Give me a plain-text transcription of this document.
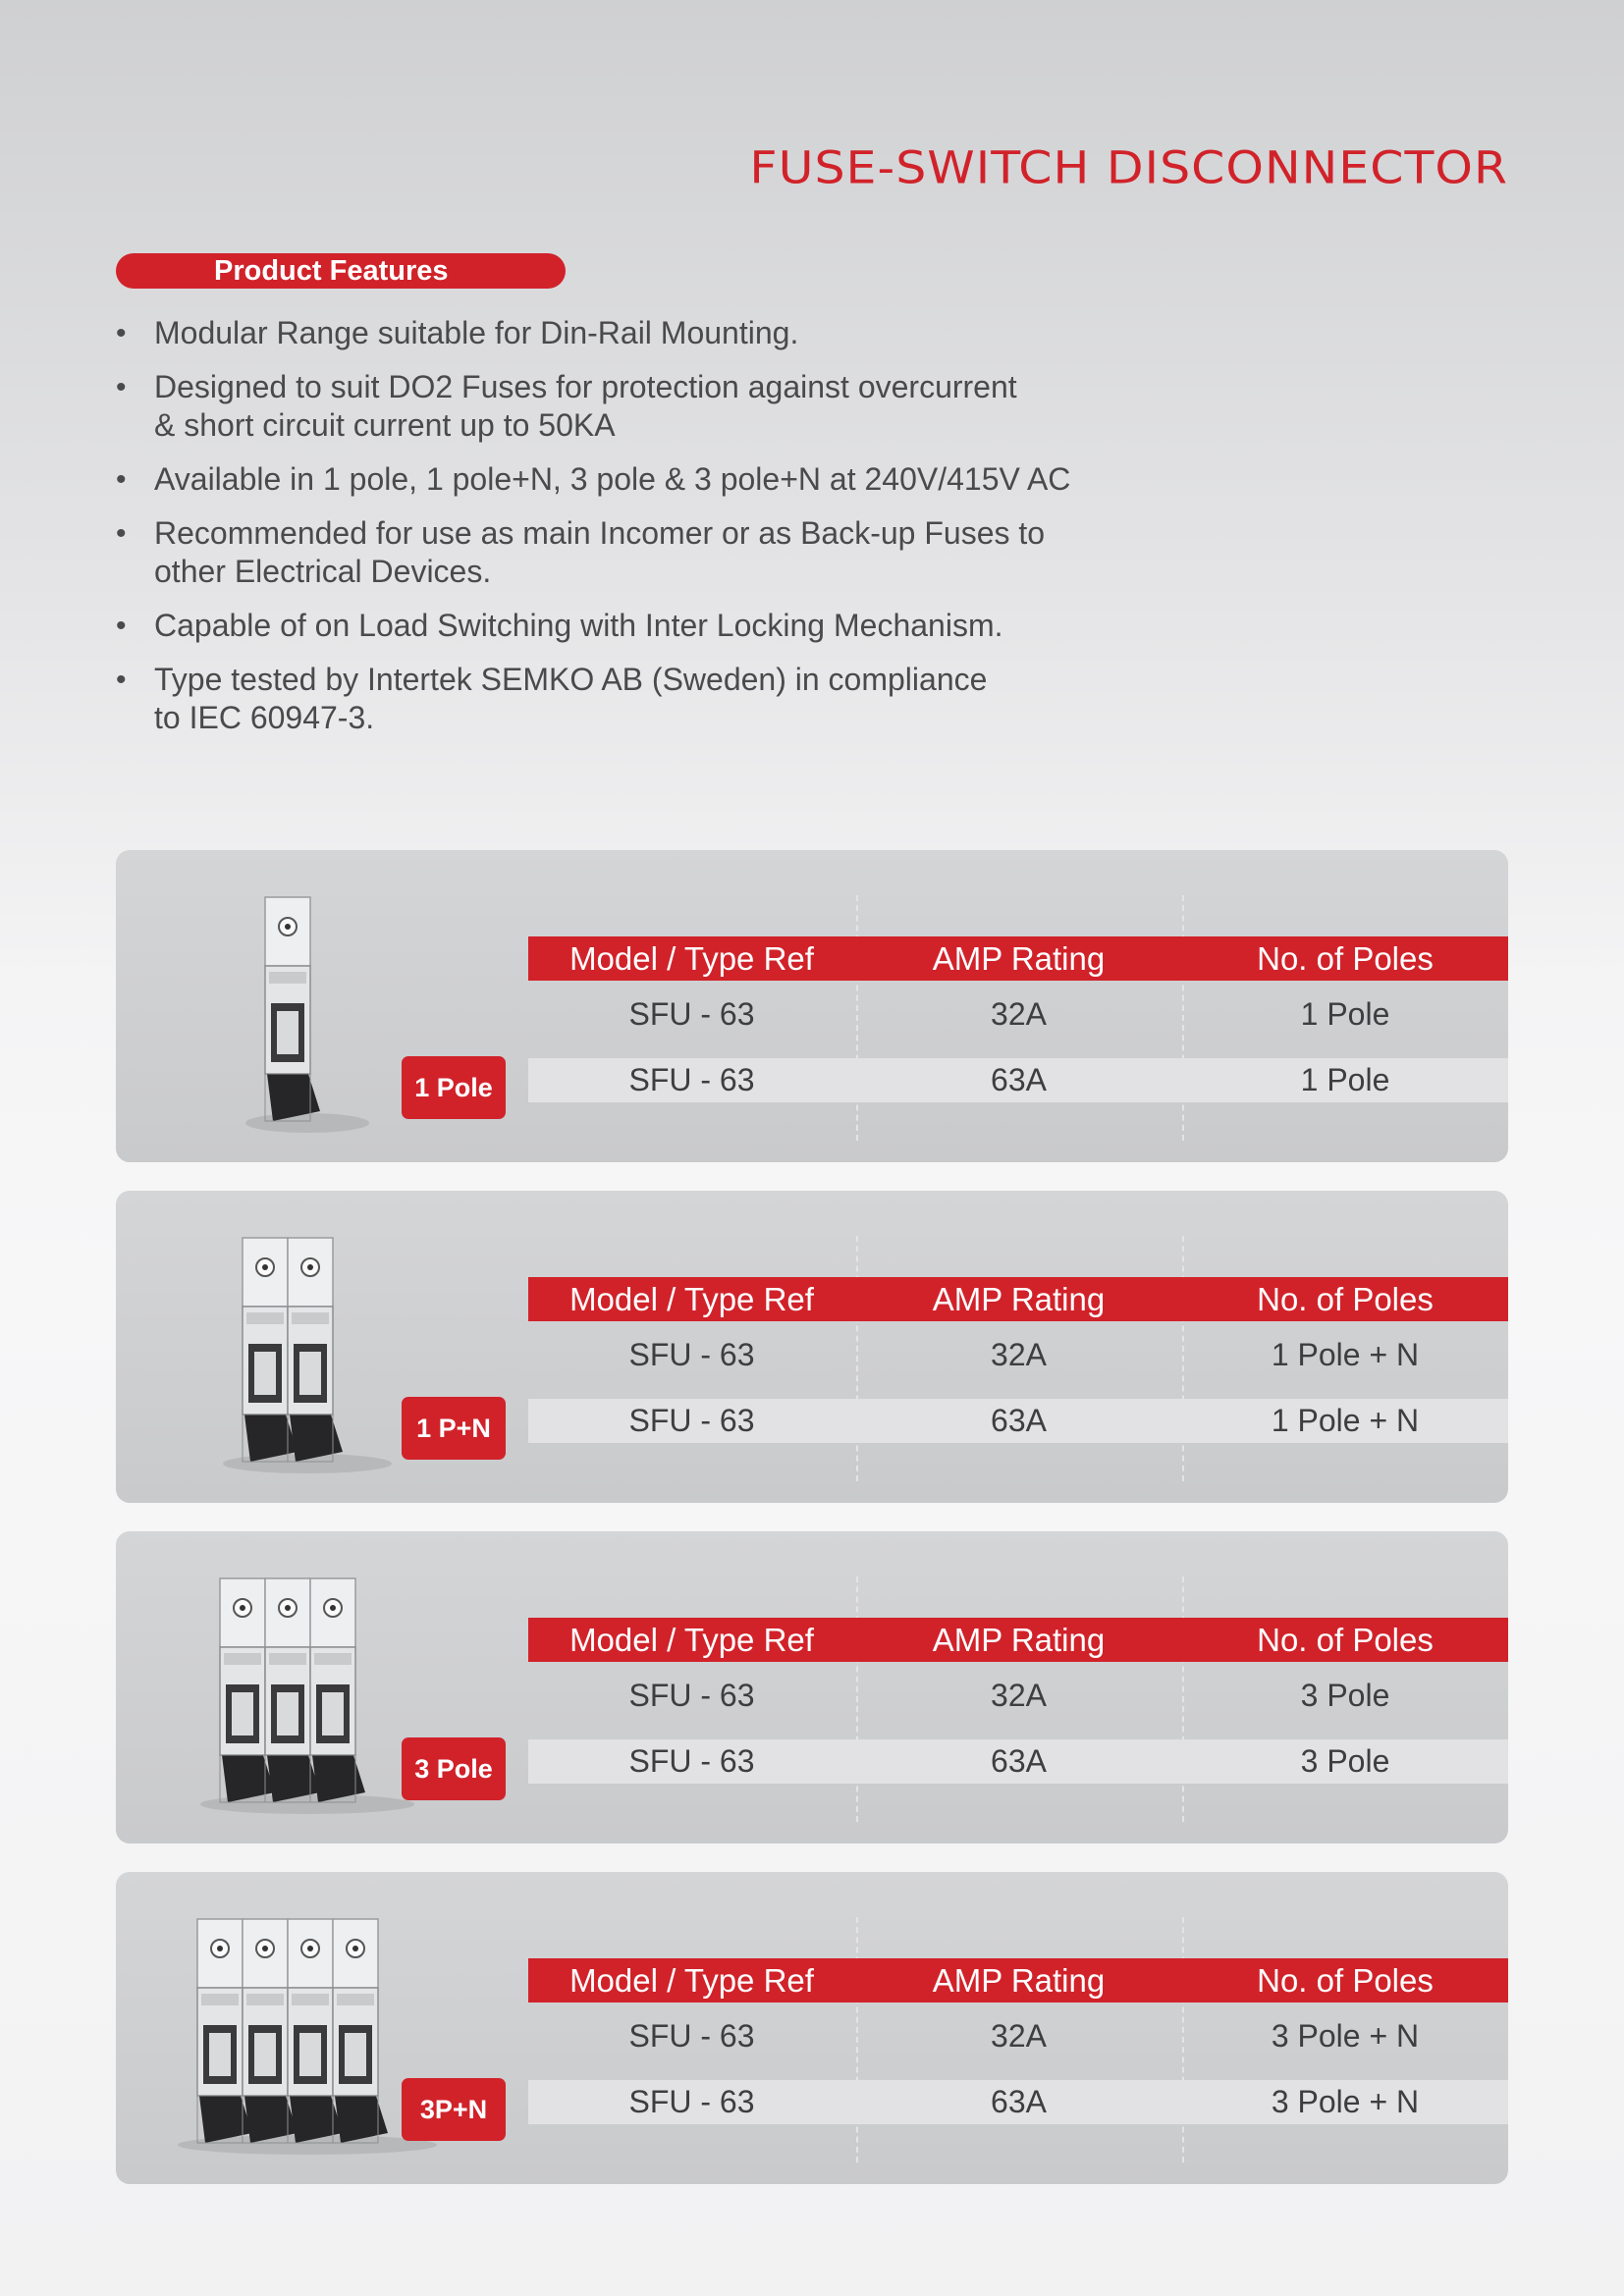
FUSE-SWITCH DISCONNECTOR
Product Features
• Modular Range suitable for Din-Rail Mounting.
• Designed to suit DO2 Fuses for protection against overcurrent
& short circuit current up to 50KA
• Available in 1 pole, 1 pole+N, 3 pole & 3 pole+N at 240V/415V AC
• Recommended for use as main Incomer or as Back-up Fuses to
other Electrical Devices.
• Capable of on Load Switching with Inter Locking Mechanism.
• Type tested by Intertek SEMKO AB (Sweden) in compliance
to IEC 60947-3.
1 Pole
Model / Type Ref	AMP Rating	No. of Poles
SFU - 63	32A	1 Pole
SFU - 63	63A	1 Pole
1 P+N
Model / Type Ref	AMP Rating	No. of Poles
SFU - 63	32A	1 Pole + N
SFU - 63	63A	1 Pole + N
3 Pole
Model / Type Ref	AMP Rating	No. of Poles
SFU - 63	32A	3 Pole
SFU - 63	63A	3 Pole
3P+N
Model / Type Ref	AMP Rating	No. of Poles
SFU - 63	32A	3 Pole + N
SFU - 63	63A	3 Pole + N
